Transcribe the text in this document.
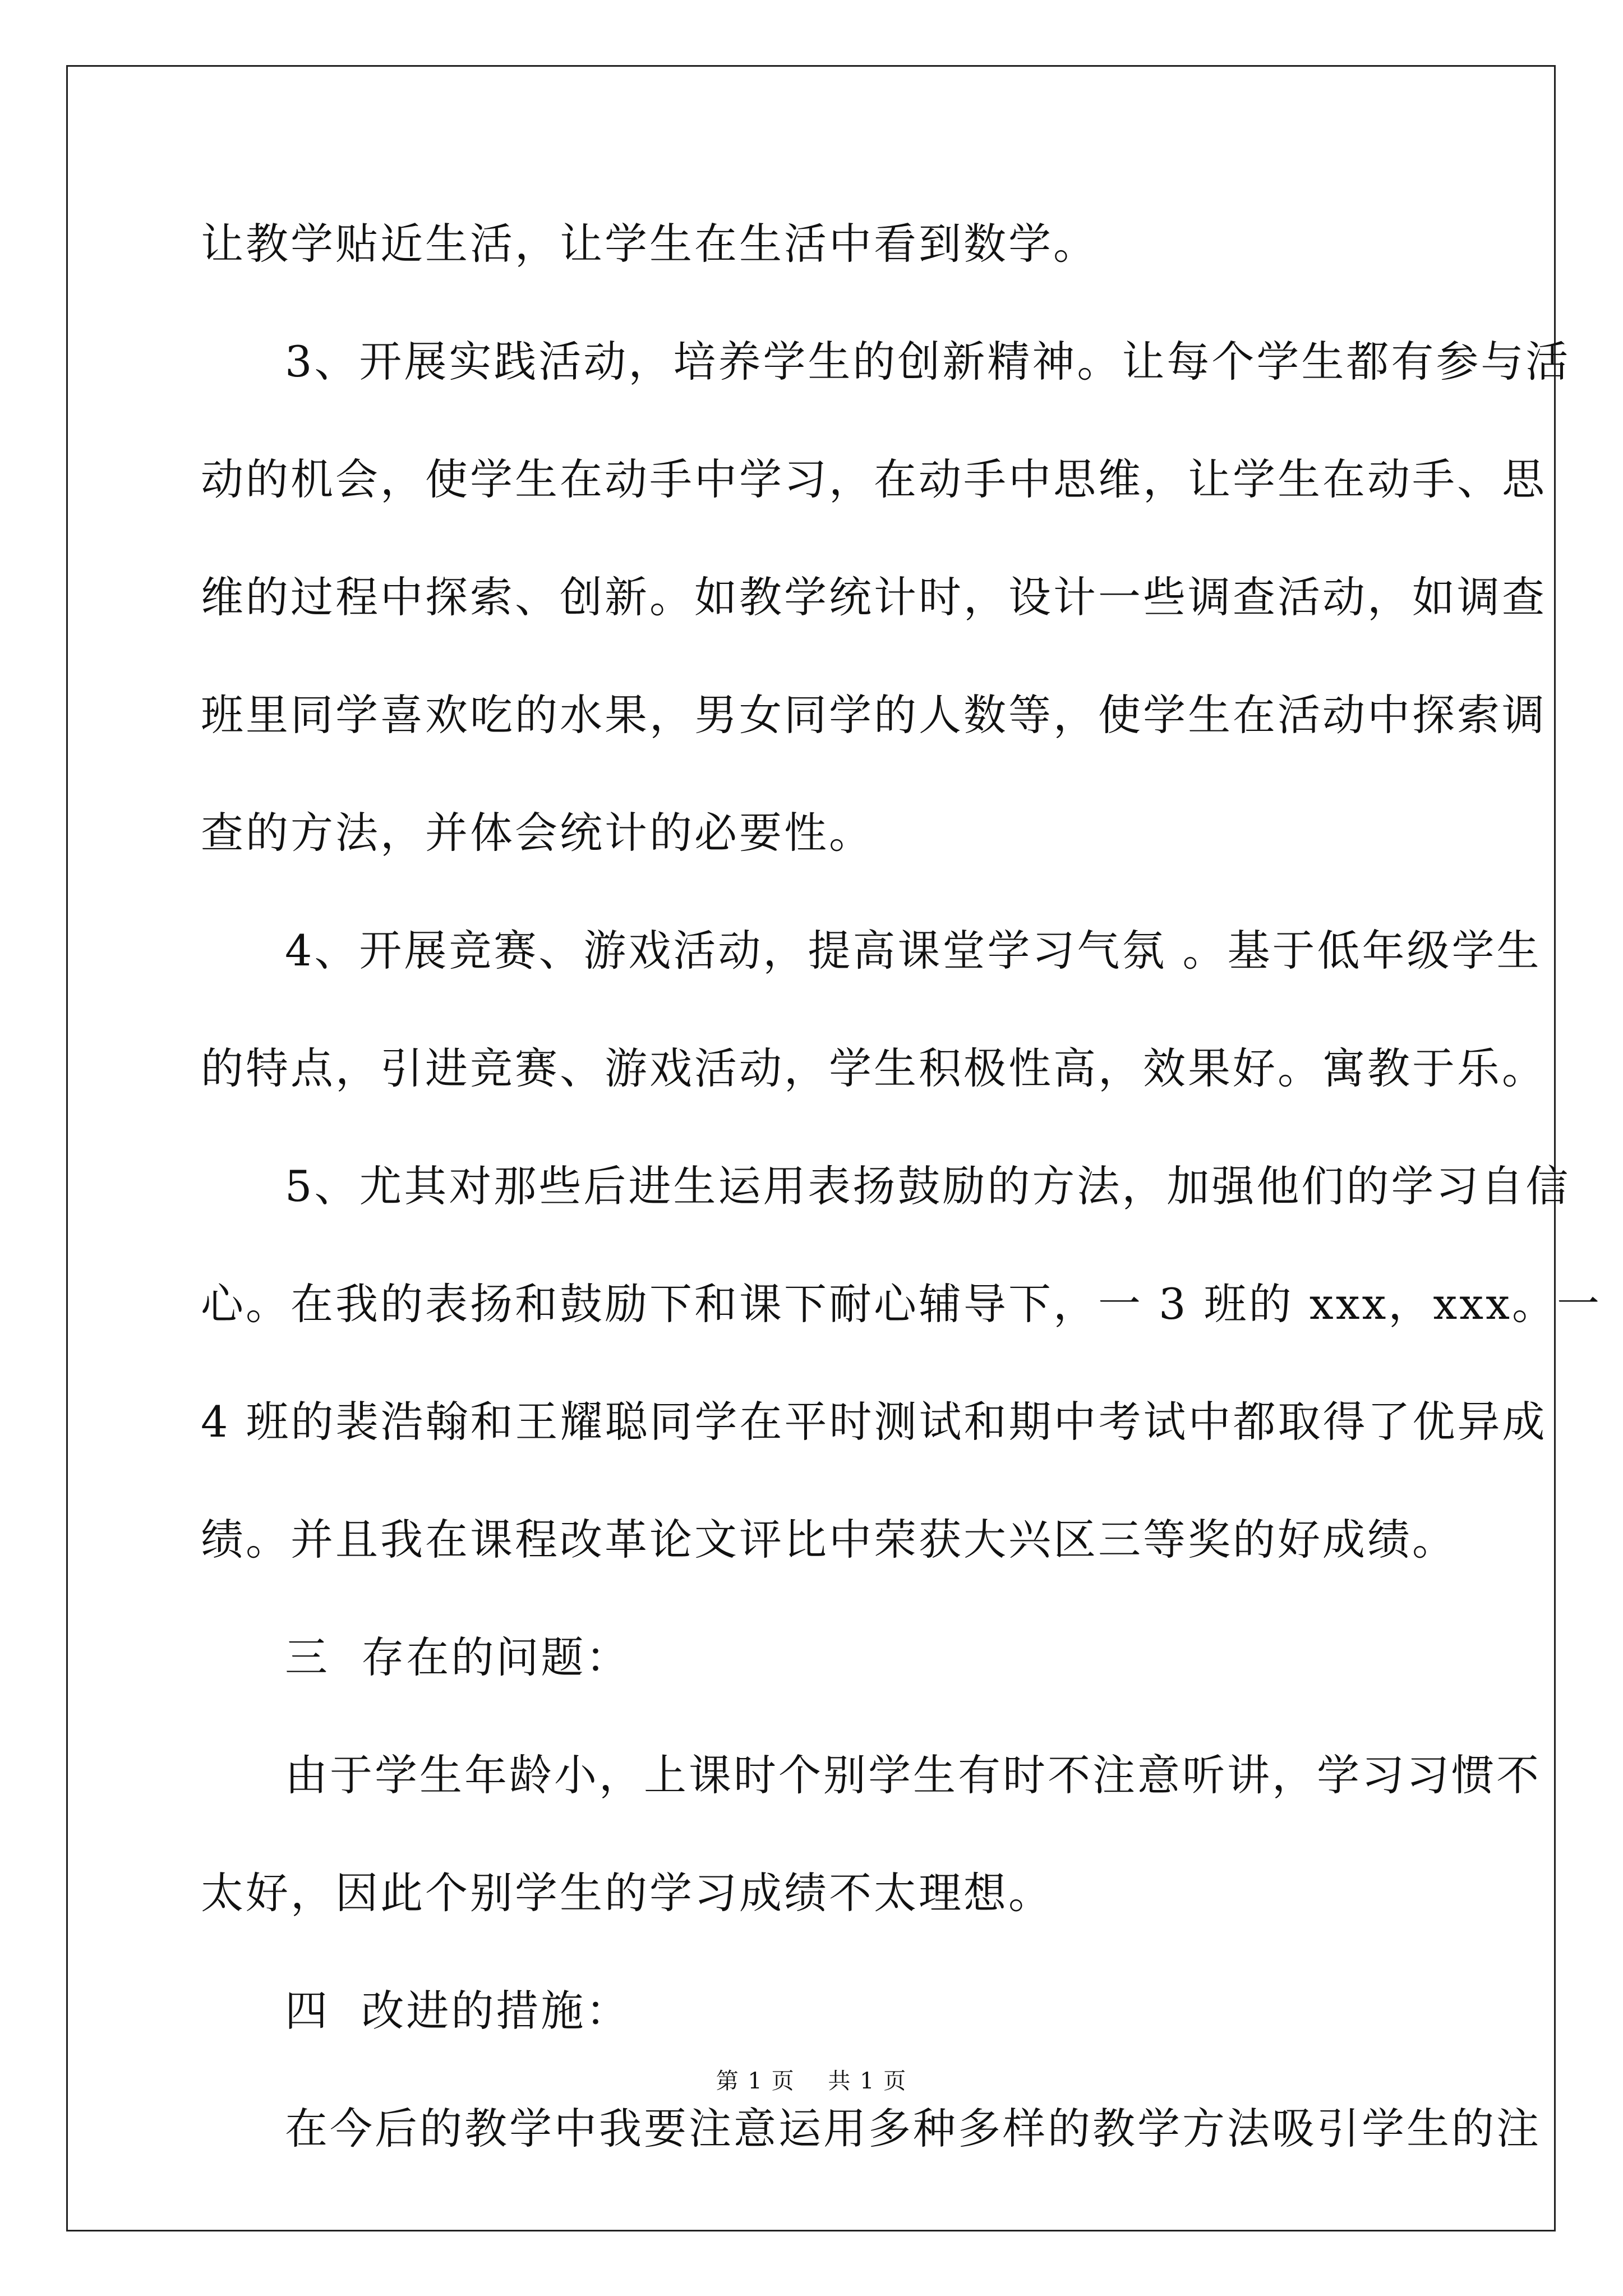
让教学贴近生活，让学生在生活中看到数学。
3、开展实践活动，培养学生的创新精神。让每个学生都有参与活
动的机会，使学生在动手中学习，在动手中思维，让学生在动手、思
维的过程中探索、创新。如教学统计时，设计一些调查活动，如调查
班里同学喜欢吃的水果，男女同学的人数等，使学生在活动中探索调
查的方法，并体会统计的必要性。
4、开展竞赛、游戏活动，提高课堂学习气氛 。基于低年级学生
的特点，引进竞赛、游戏活动，学生积极性高，效果好。寓教于乐。
5、尤其对那些后进生运用表扬鼓励的方法，加强他们的学习自信
心。在我的表扬和鼓励下和课下耐心辅导下，一 3 班的 xxx，xxx。一
4 班的裴浩翰和王耀聪同学在平时测试和期中考试中都取得了优异成
绩。并且我在课程改革论文评比中荣获大兴区三等奖的好成绩。
三  存在的问题：
由于学生年龄小，上课时个别学生有时不注意听讲，学习习惯不
太好，因此个别学生的学习成绩不太理想。
四  改进的措施：
在今后的教学中我要注意运用多种多样的教学方法吸引学生的注
第 1 页    共 1 页
